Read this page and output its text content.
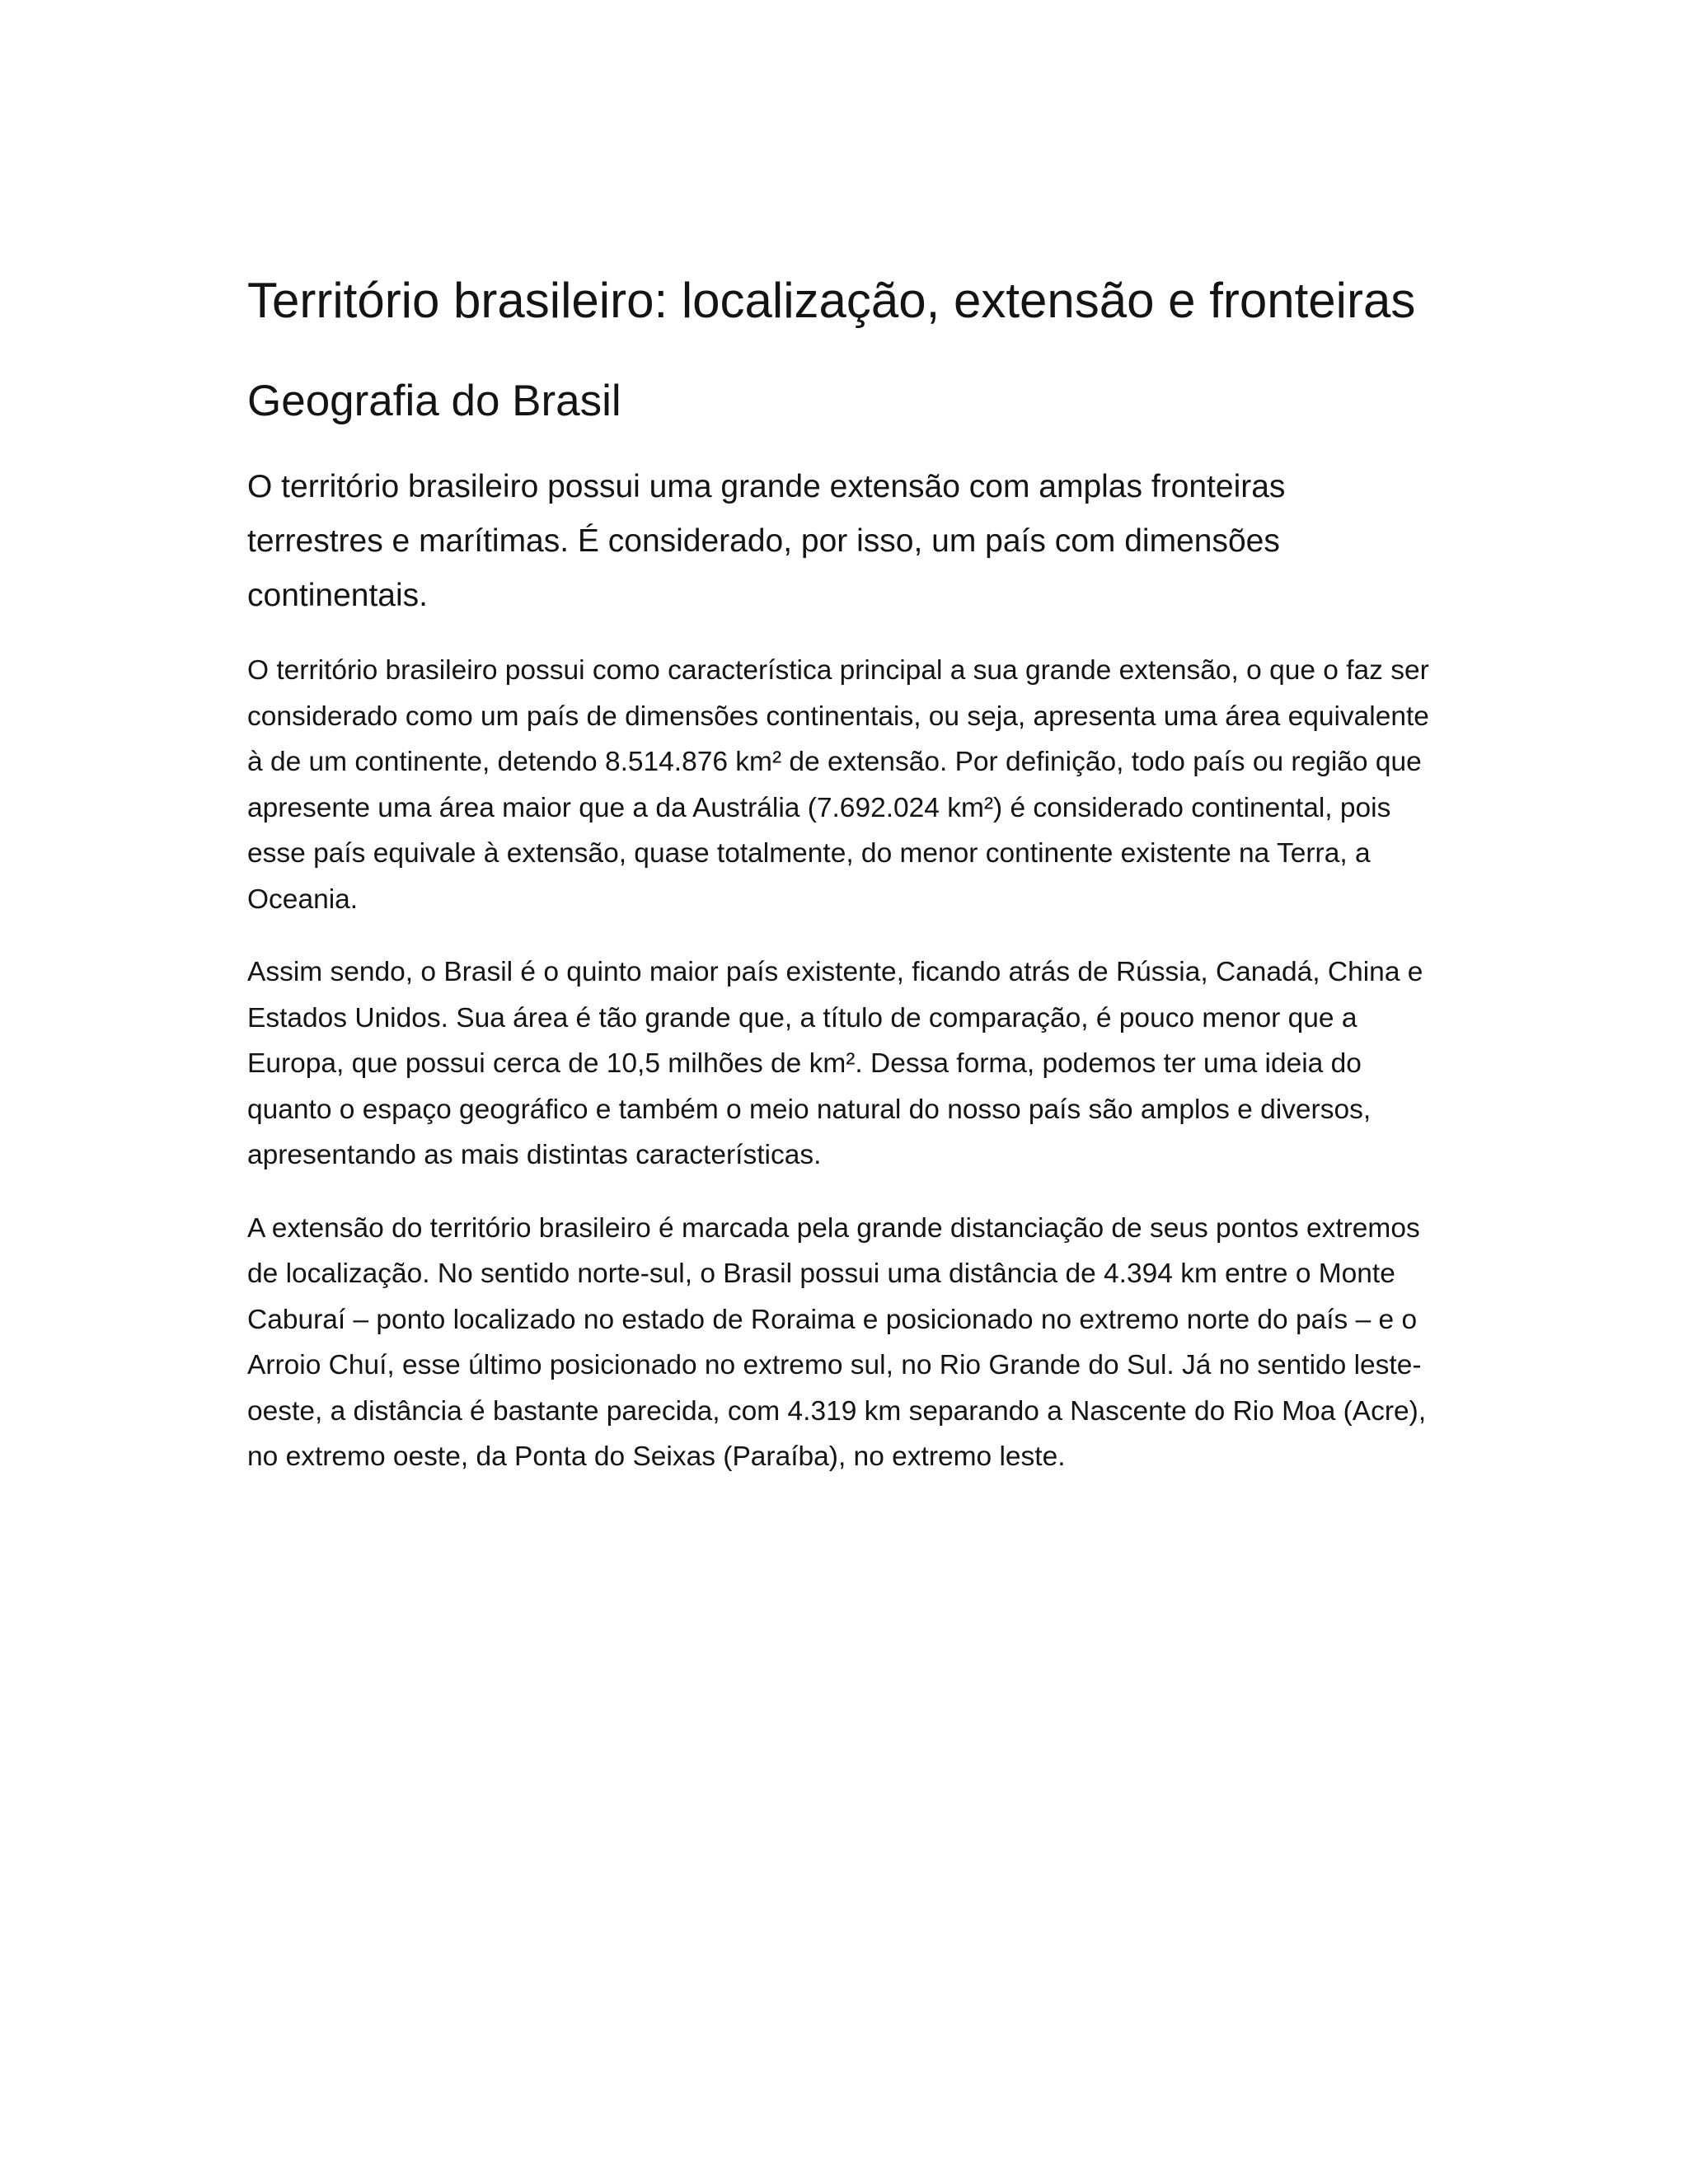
Território brasileiro: localização, extensão e fronteiras
Geografia do Brasil

O território brasileiro possui uma grande extensão com amplas fronteiras terrestres e marítimas. É considerado, por isso, um país com dimensões continentais.

O território brasileiro possui como característica principal a sua grande extensão, o que o faz ser considerado como um país de dimensões continentais, ou seja, apresenta uma área equivalente à de um continente, detendo 8.514.876 km² de extensão. Por definição, todo país ou região que apresente uma área maior que a da Austrália (7.692.024 km²) é considerado continental, pois esse país equivale à extensão, quase totalmente, do menor continente existente na Terra, a Oceania.

Assim sendo, o Brasil é o quinto maior país existente, ficando atrás de Rússia, Canadá, China e Estados Unidos. Sua área é tão grande que, a título de comparação, é pouco menor que a Europa, que possui cerca de 10,5 milhões de km². Dessa forma, podemos ter uma ideia do quanto o espaço geográfico e também o meio natural do nosso país são amplos e diversos, apresentando as mais distintas características.

A extensão do território brasileiro é marcada pela grande distanciação de seus pontos extremos de localização. No sentido norte-sul, o Brasil possui uma distância de 4.394 km entre o Monte Caburaí – ponto localizado no estado de Roraima e posicionado no extremo norte do país – e o Arroio Chuí, esse último posicionado no extremo sul, no Rio Grande do Sul. Já no sentido leste-oeste, a distância é bastante parecida, com 4.319 km separando a Nascente do Rio Moa (Acre), no extremo oeste, da Ponta do Seixas (Paraíba), no extremo leste.
